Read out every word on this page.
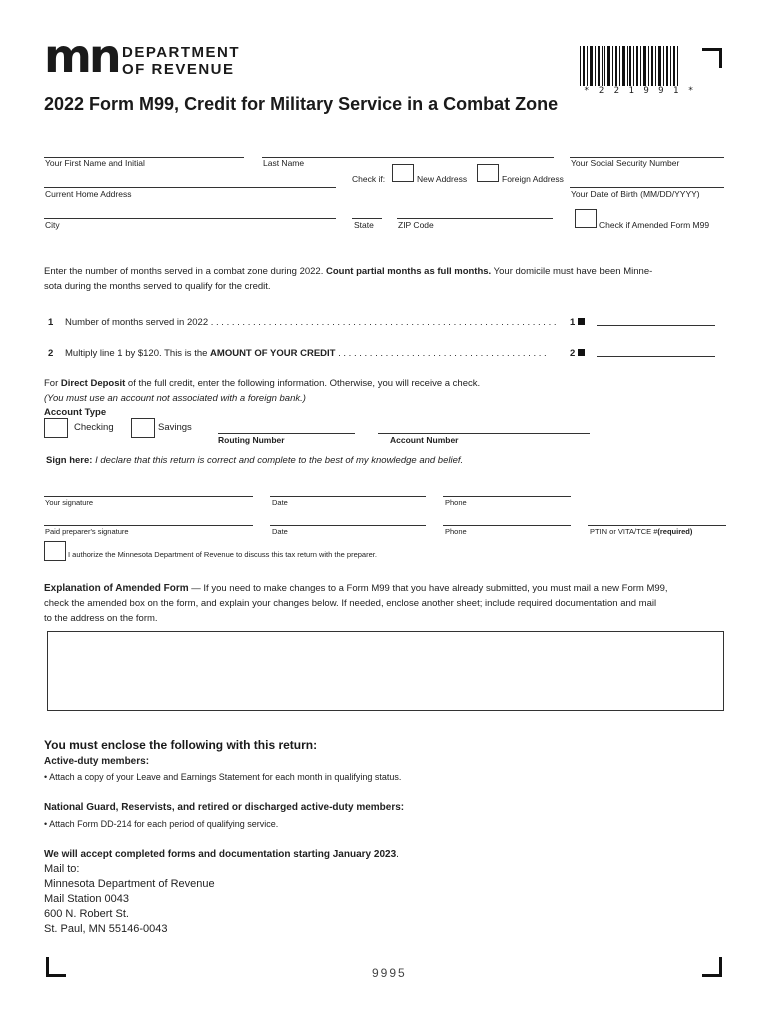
mn DEPARTMENT
OF REVENUE
* 2 2 1 9 9 1 *
2022 Form M99, Credit for Military Service in a Combat Zone
Your First Name and Initial	Last Name	Your Social Security Number
Check if:	New Address	Foreign Address
Current Home Address	Your Date of Birth (MM/DD/YYYY)
City	State	ZIP Code	Check if Amended Form M99
Enter the number of months served in a combat zone during 2022. Count partial months as full months. Your domicile must have been Minne-
sota during the months served to qualify for the credit.
1 Number of months served in 2022 . . . . . . . . . . . . . . . . . . . . . . . . . . . . . . . . . . . . . . . . . . . . . . . . . . . . . . . . . . . . . . . . . .	1
2 Multiply line 1 by $120. This is the AMOUNT OF YOUR CREDIT . . . . . . . . . . . . . . . . . . . . . . . . . . . . . . . . . . . . . . . .	2
For Direct Deposit of the full credit, enter the following information. Otherwise, you will receive a check.
(You must use an account not associated with a foreign bank.)
Account Type
Checking	Savings
Routing Number	Account Number
Sign here: I declare that this return is correct and complete to the best of my knowledge and belief.
Your signature	Date	Phone
Paid preparer's signature	Date	Phone	PTIN or VITA/TCE #(required)
I authorize the Minnesota Department of Revenue to discuss this tax return with the preparer.
Explanation of Amended Form — If you need to make changes to a Form M99 that you have already submitted, you must mail a new Form M99,
check the amended box on the form, and explain your changes below. If needed, enclose another sheet; include required documentation and mail
to the address on the form.
You must enclose the following with this return:
Active-duty members:
• Attach a copy of your Leave and Earnings Statement for each month in qualifying status.
National Guard, Reservists, and retired or discharged active-duty members:
• Attach Form DD-214 for each period of qualifying service.
We will accept completed forms and documentation starting January 2023.
Mail to:
Minnesota Department of Revenue
Mail Station 0043
600 N. Robert St.
St. Paul, MN 55146-0043
9995
